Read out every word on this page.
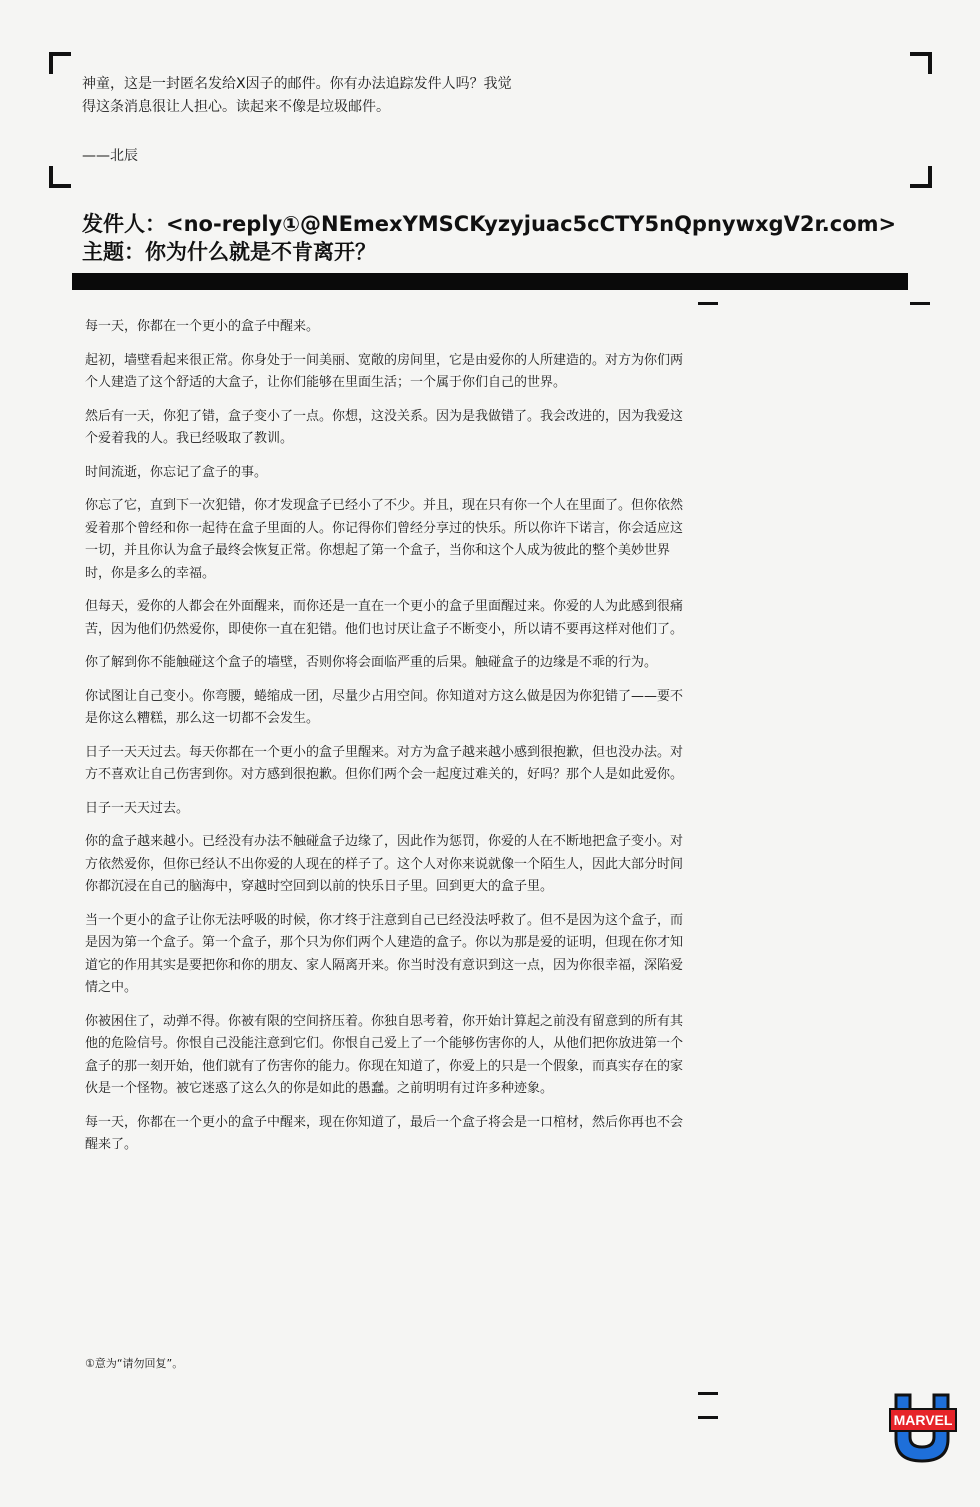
神童，这是一封匿名发给X因子的邮件。你有办法追踪发件人吗？我觉

得这条消息很让人担心。读起来不像是垃圾邮件。

——北辰
发件人：<no-reply①@NEmexYMSCKyzyjuac5cCTY5nQpnywxgV2r.com>
主题：你为什么就是不肯离开？

每一天，你都在一个更小的盒子中醒来。

起初，墙壁看起来很正常。你身处于一间美丽、宽敞的房间里，它是由爱你的人所建造的。对方为你们两个人建造了这个舒适的大盒子，让你们能够在里面生活；一个属于你们自己的世界。

然后有一天，你犯了错，盒子变小了一点。你想，这没关系。因为是我做错了。我会改进的，因为我爱这个爱着我的人。我已经吸取了教训。

时间流逝，你忘记了盒子的事。

你忘了它，直到下一次犯错，你才发现盒子已经小了不少。并且，现在只有你一个人在里面了。但你依然爱着那个曾经和你一起待在盒子里面的人。你记得你们曾经分享过的快乐。所以你许下诺言，你会适应这一切，并且你认为盒子最终会恢复正常。你想起了第一个盒子，当你和这个人成为彼此的整个美妙世界时，你是多么的幸福。

但每天，爱你的人都会在外面醒来，而你还是一直在一个更小的盒子里面醒过来。你爱的人为此感到很痛苦，因为他们仍然爱你，即使你一直在犯错。他们也讨厌让盒子不断变小，所以请不要再这样对他们了。

你了解到你不能触碰这个盒子的墙壁，否则你将会面临严重的后果。触碰盒子的边缘是不乖的行为。

你试图让自己变小。你弯腰，蜷缩成一团，尽量少占用空间。你知道对方这么做是因为你犯错了——要不是你这么糟糕，那么这一切都不会发生。

日子一天天过去。每天你都在一个更小的盒子里醒来。对方为盒子越来越小感到很抱歉，但也没办法。对方不喜欢让自己伤害到你。对方感到很抱歉。但你们两个会一起度过难关的，好吗？那个人是如此爱你。

日子一天天过去。

你的盒子越来越小。已经没有办法不触碰盒子边缘了，因此作为惩罚，你爱的人在不断地把盒子变小。对方依然爱你，但你已经认不出你爱的人现在的样子了。这个人对你来说就像一个陌生人，因此大部分时间你都沉浸在自己的脑海中，穿越时空回到以前的快乐日子里。回到更大的盒子里。

当一个更小的盒子让你无法呼吸的时候，你才终于注意到自己已经没法呼救了。但不是因为这个盒子，而是因为第一个盒子。第一个盒子，那个只为你们两个人建造的盒子。你以为那是爱的证明，但现在你才知道它的作用其实是要把你和你的朋友、家人隔离开来。你当时没有意识到这一点，因为你很幸福，深陷爱情之中。

你被困住了，动弹不得。你被有限的空间挤压着。你独自思考着，你开始计算起之前没有留意到的所有其他的危险信号。你恨自己没能注意到它们。你恨自己爱上了一个能够伤害你的人，从他们把你放进第一个盒子的那一刻开始，他们就有了伤害你的能力。你现在知道了，你爱上的只是一个假象，而真实存在的家伙是一个怪物。被它迷惑了这么久的你是如此的愚蠢。之前明明有过许多种迹象。

每一天，你都在一个更小的盒子中醒来，现在你知道了，最后一个盒子将会是一口棺材，然后你再也不会醒来了。

①意为“请勿回复”。
MARVEL
